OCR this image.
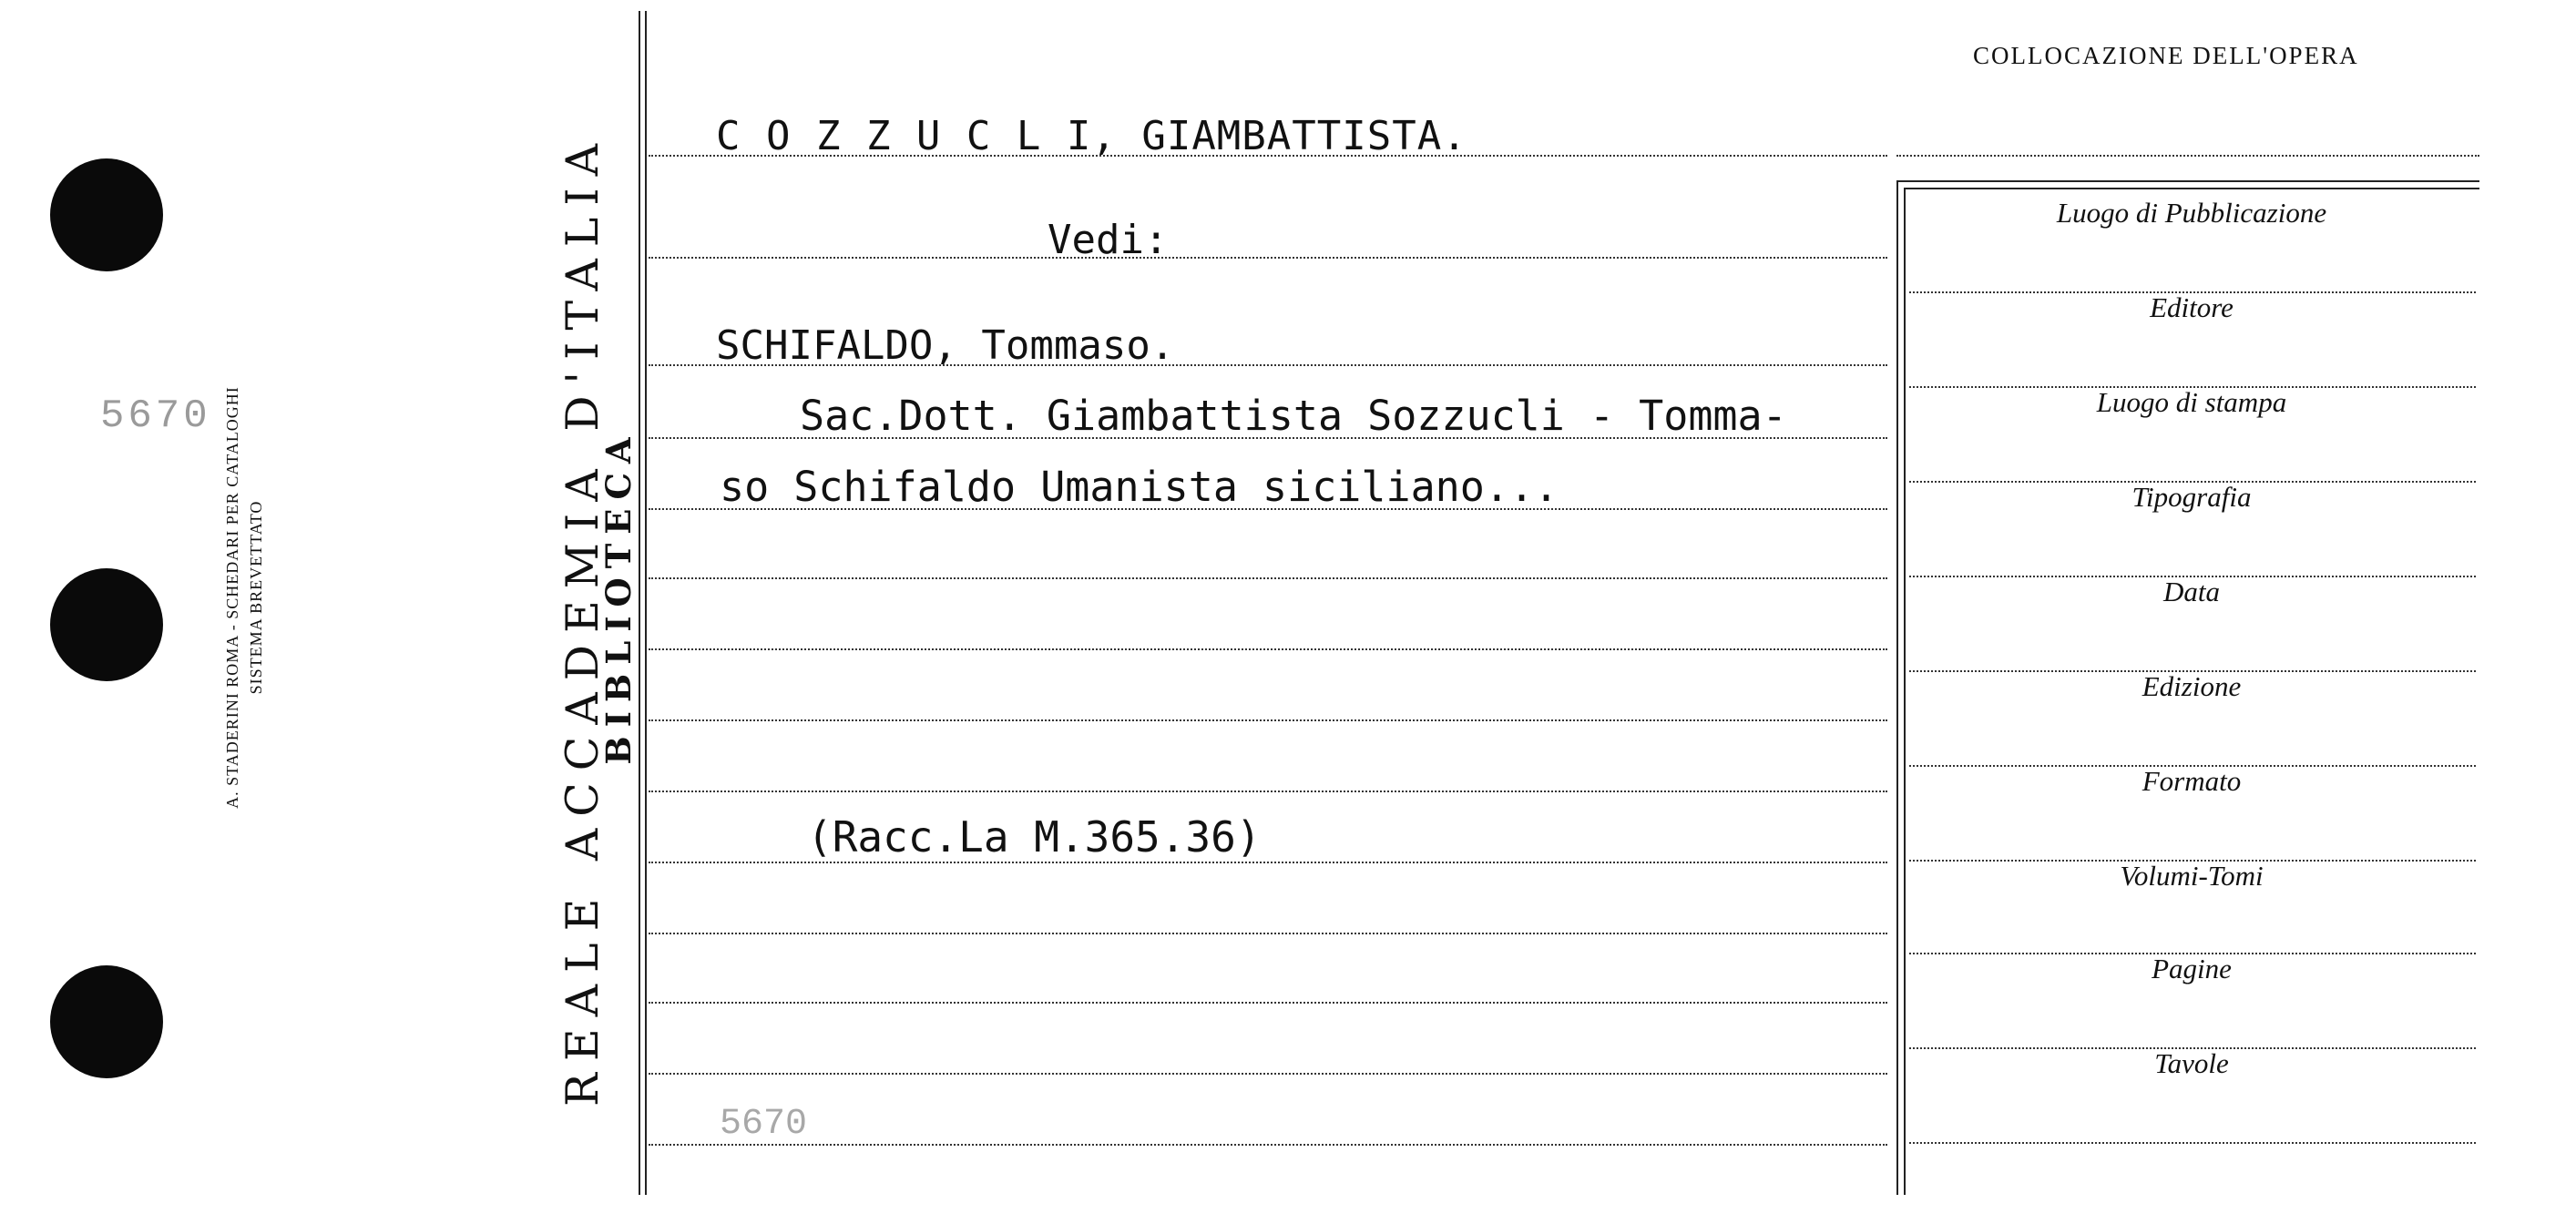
5670 A. STADERINI ROMA - SCHEDARI PER CATALOGHI SISTEMA BREVETTATO	REALE ACCADEMIA D'ITALIA
BIBLIOTECA
COLLOCAZIONE DELL'OPERA
Luogo di Pubblicazione
Editore
Luogo di stampa
Tipografia
Data
Edizione
Formato
Volumi-Tomi
Pagine
Tavole
C O Z Z U C L I, GIAMBATTISTA.
Vedi:
SCHIFALDO, Tommaso.
Sac.Dott. Giambattista Sozzucli - Tomma-
so Schifaldo Umanista siciliano...
(Racc.La M.365.36)
5670
